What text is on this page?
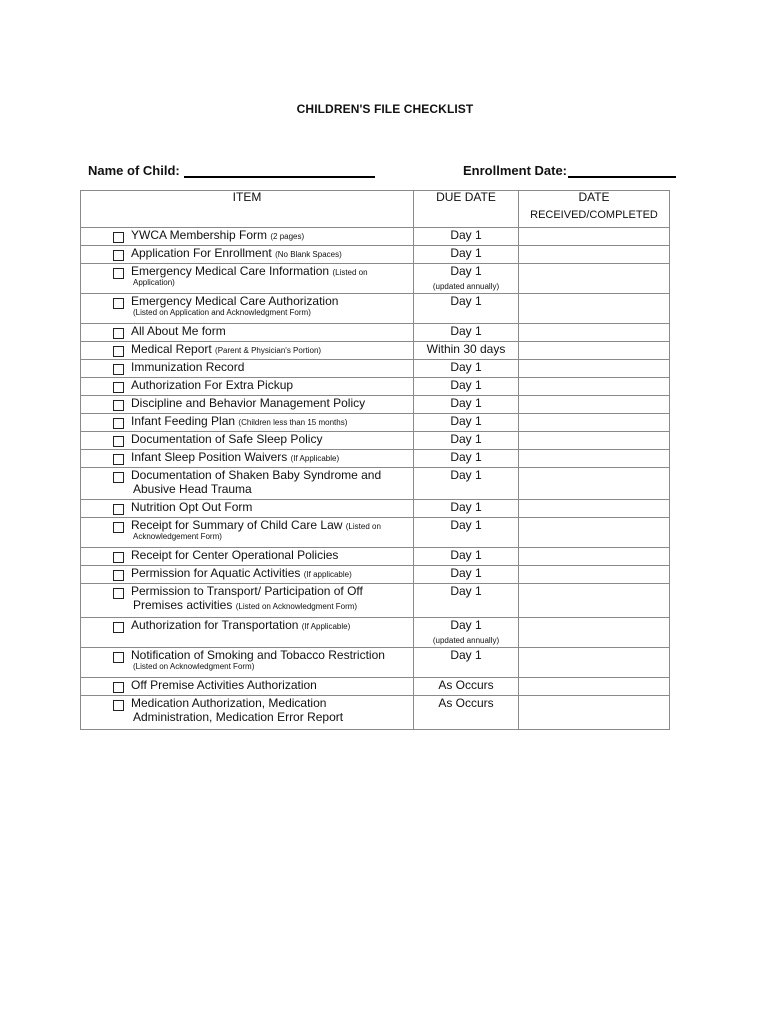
CHILDREN'S FILE CHECKLIST
Name of Child:	Enrollment Date:
ITEM	DUE DATE	DATE
RECEIVED/COMPLETED

YWCA Membership Form (2 pages)	Day 1	

Application For Enrollment (No Blank Spaces)	Day 1	

Emergency Medical Care Information (Listed on
Application)	Day 1
(updated annually)	

Emergency Medical Care Authorization
(Listed on Application and Acknowledgment Form)	Day 1	

All About Me form	Day 1	

Medical Report (Parent & Physician's Portion)	Within 30 days	

Immunization Record	Day 1	

Authorization For Extra Pickup	Day 1	

Discipline and Behavior Management Policy	Day 1	

Infant Feeding Plan (Children less than 15 months)	Day 1	

Documentation of Safe Sleep Policy	Day 1	

Infant Sleep Position Waivers (If Applicable)	Day 1	

Documentation of Shaken Baby Syndrome and
Abusive Head Trauma	Day 1	

Nutrition Opt Out Form	Day 1	

Receipt for Summary of Child Care Law (Listed on
Acknowledgement Form)	Day 1	

Receipt for Center Operational Policies	Day 1	

Permission for Aquatic Activities (If applicable)	Day 1	

Permission to Transport/ Participation of Off
Premises activities (Listed on Acknowledgment Form)	Day 1	

Authorization for Transportation (If Applicable)	Day 1
(updated annually)	

Notification of Smoking and Tobacco Restriction
(Listed on Acknowledgment Form)	Day 1	

Off Premise Activities Authorization	As Occurs	

Medication Authorization, Medication
Administration, Medication Error Report	As Occurs	
